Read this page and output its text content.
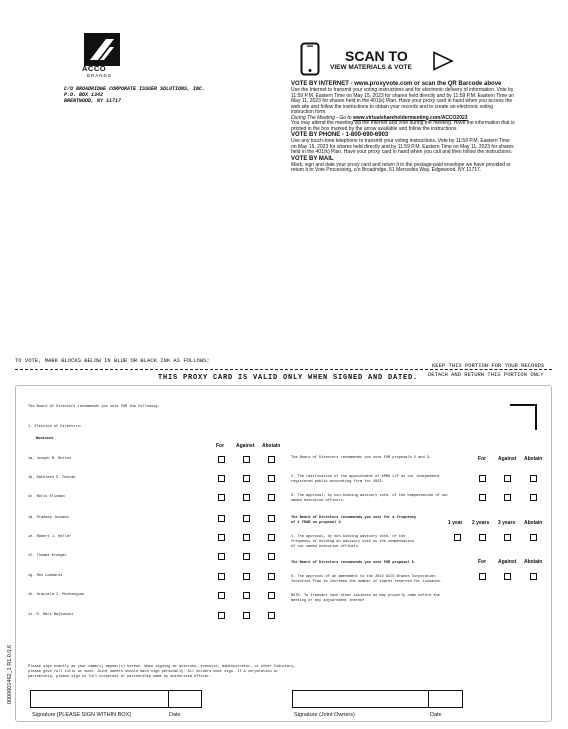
ACCO
BRANDS
C/O BROADRIDGE CORPORATE ISSUER SOLUTIONS, INC.
P.O. BOX 1342
BRENTWOOD, NY 11717
SCAN TO
VIEW MATERIALS & VOTE

VOTE BY INTERNET - www.proxyvote.com or scan the QR Barcode above

Use the Internet to transmit your voting instructions and for electronic delivery of information. Vote by 11:59 P.M. Eastern Time on May 15, 2023 for shares held directly and by 11:59 P.M. Eastern Time on May 11, 2023 for shares held in the 401(k) Plan. Have your proxy card in hand when you access the web site and follow the instructions to obtain your records and to create an electronic voting instruction form.

During The Meeting - Go to www.virtualshareholdermeeting.com/ACCO2023

You may attend the meeting via the Internet and vote during the meeting. Have the information that is printed in the box marked by the arrow available and follow the instructions.

VOTE BY PHONE - 1-800-690-6903

Use any touch-tone telephone to transmit your voting instructions. Vote by 11:59 P.M. Eastern Time on May 15, 2023 for shares held directly and by 11:59 P.M. Eastern Time on May 11, 2023 for shares held in the 401(k) Plan. Have your proxy card in hand when you call and then follow the instructions.

VOTE BY MAIL

Mark, sign and date your proxy card and return it in the postage-paid envelope we have provided or return it to Vote Processing, c/o Broadridge, 51 Mercedes Way, Edgewood, NY 11717.

TO VOTE, MARK BLOCKS BELOW IN BLUE OR BLACK INK AS FOLLOWS:
KEEP THIS PORTION FOR YOUR RECORDS
DETACH AND RETURN THIS PORTION ONLY
THIS PROXY CARD IS VALID ONLY WHEN SIGNED AND DATED.
The Board of Directors recommends you vote FOR the following:
1. Election of Directors:
Nominees
For Against Abstain
1a. Joseph B. Burton
1b. Kathleen S. Dvorak
1c. Boris Elisman
1d. Pradeep Jotwani
1e. Robert J. Keller
1f. Thomas Kroeger
1g. Ron Lombardi
1h. Graciela I. Monteagudo
1i. E. Mark Rajkowski
The Board of Directors recommends you vote FOR proposals 2 and 3.	For Against Abstain
2. The ratification of the appointment of KPMG LLP as our independent
registered public accounting firm for 2023.
3. The approval, by non-binding advisory vote, of the compensation of our
named executive officers.
The Board of Directors recommends you vote for a frequency
of 1 YEAR on proposal 4.	1 year 2 years 3 years Abstain
4. The approval, by non-binding advisory vote, of the
frequency of holding an advisory vote on the compensation
of our named executive officers.
The Board of Directors recommends you vote FOR proposal 5.	For Against Abstain
5. The approval of an amendment to the 2022 ACCO Brands Corporation
Incentive Plan to increase the number of shares reserved for issuance.
NOTE: To transact such other business as may properly come before the
meeting or any adjournment thereof.
Please sign exactly as your name(s) appear(s) hereon. When signing as attorney, executor, administrator, or other fiduciary,
please give full title as such. Joint owners should each sign personally. All holders must sign. If a corporation or
partnership, please sign in full corporate or partnership name by authorized officer.
Signature [PLEASE SIGN WITHIN BOX]	Date	Signature (Joint Owners)	Date
0000601462_1 R1.0.0.6
